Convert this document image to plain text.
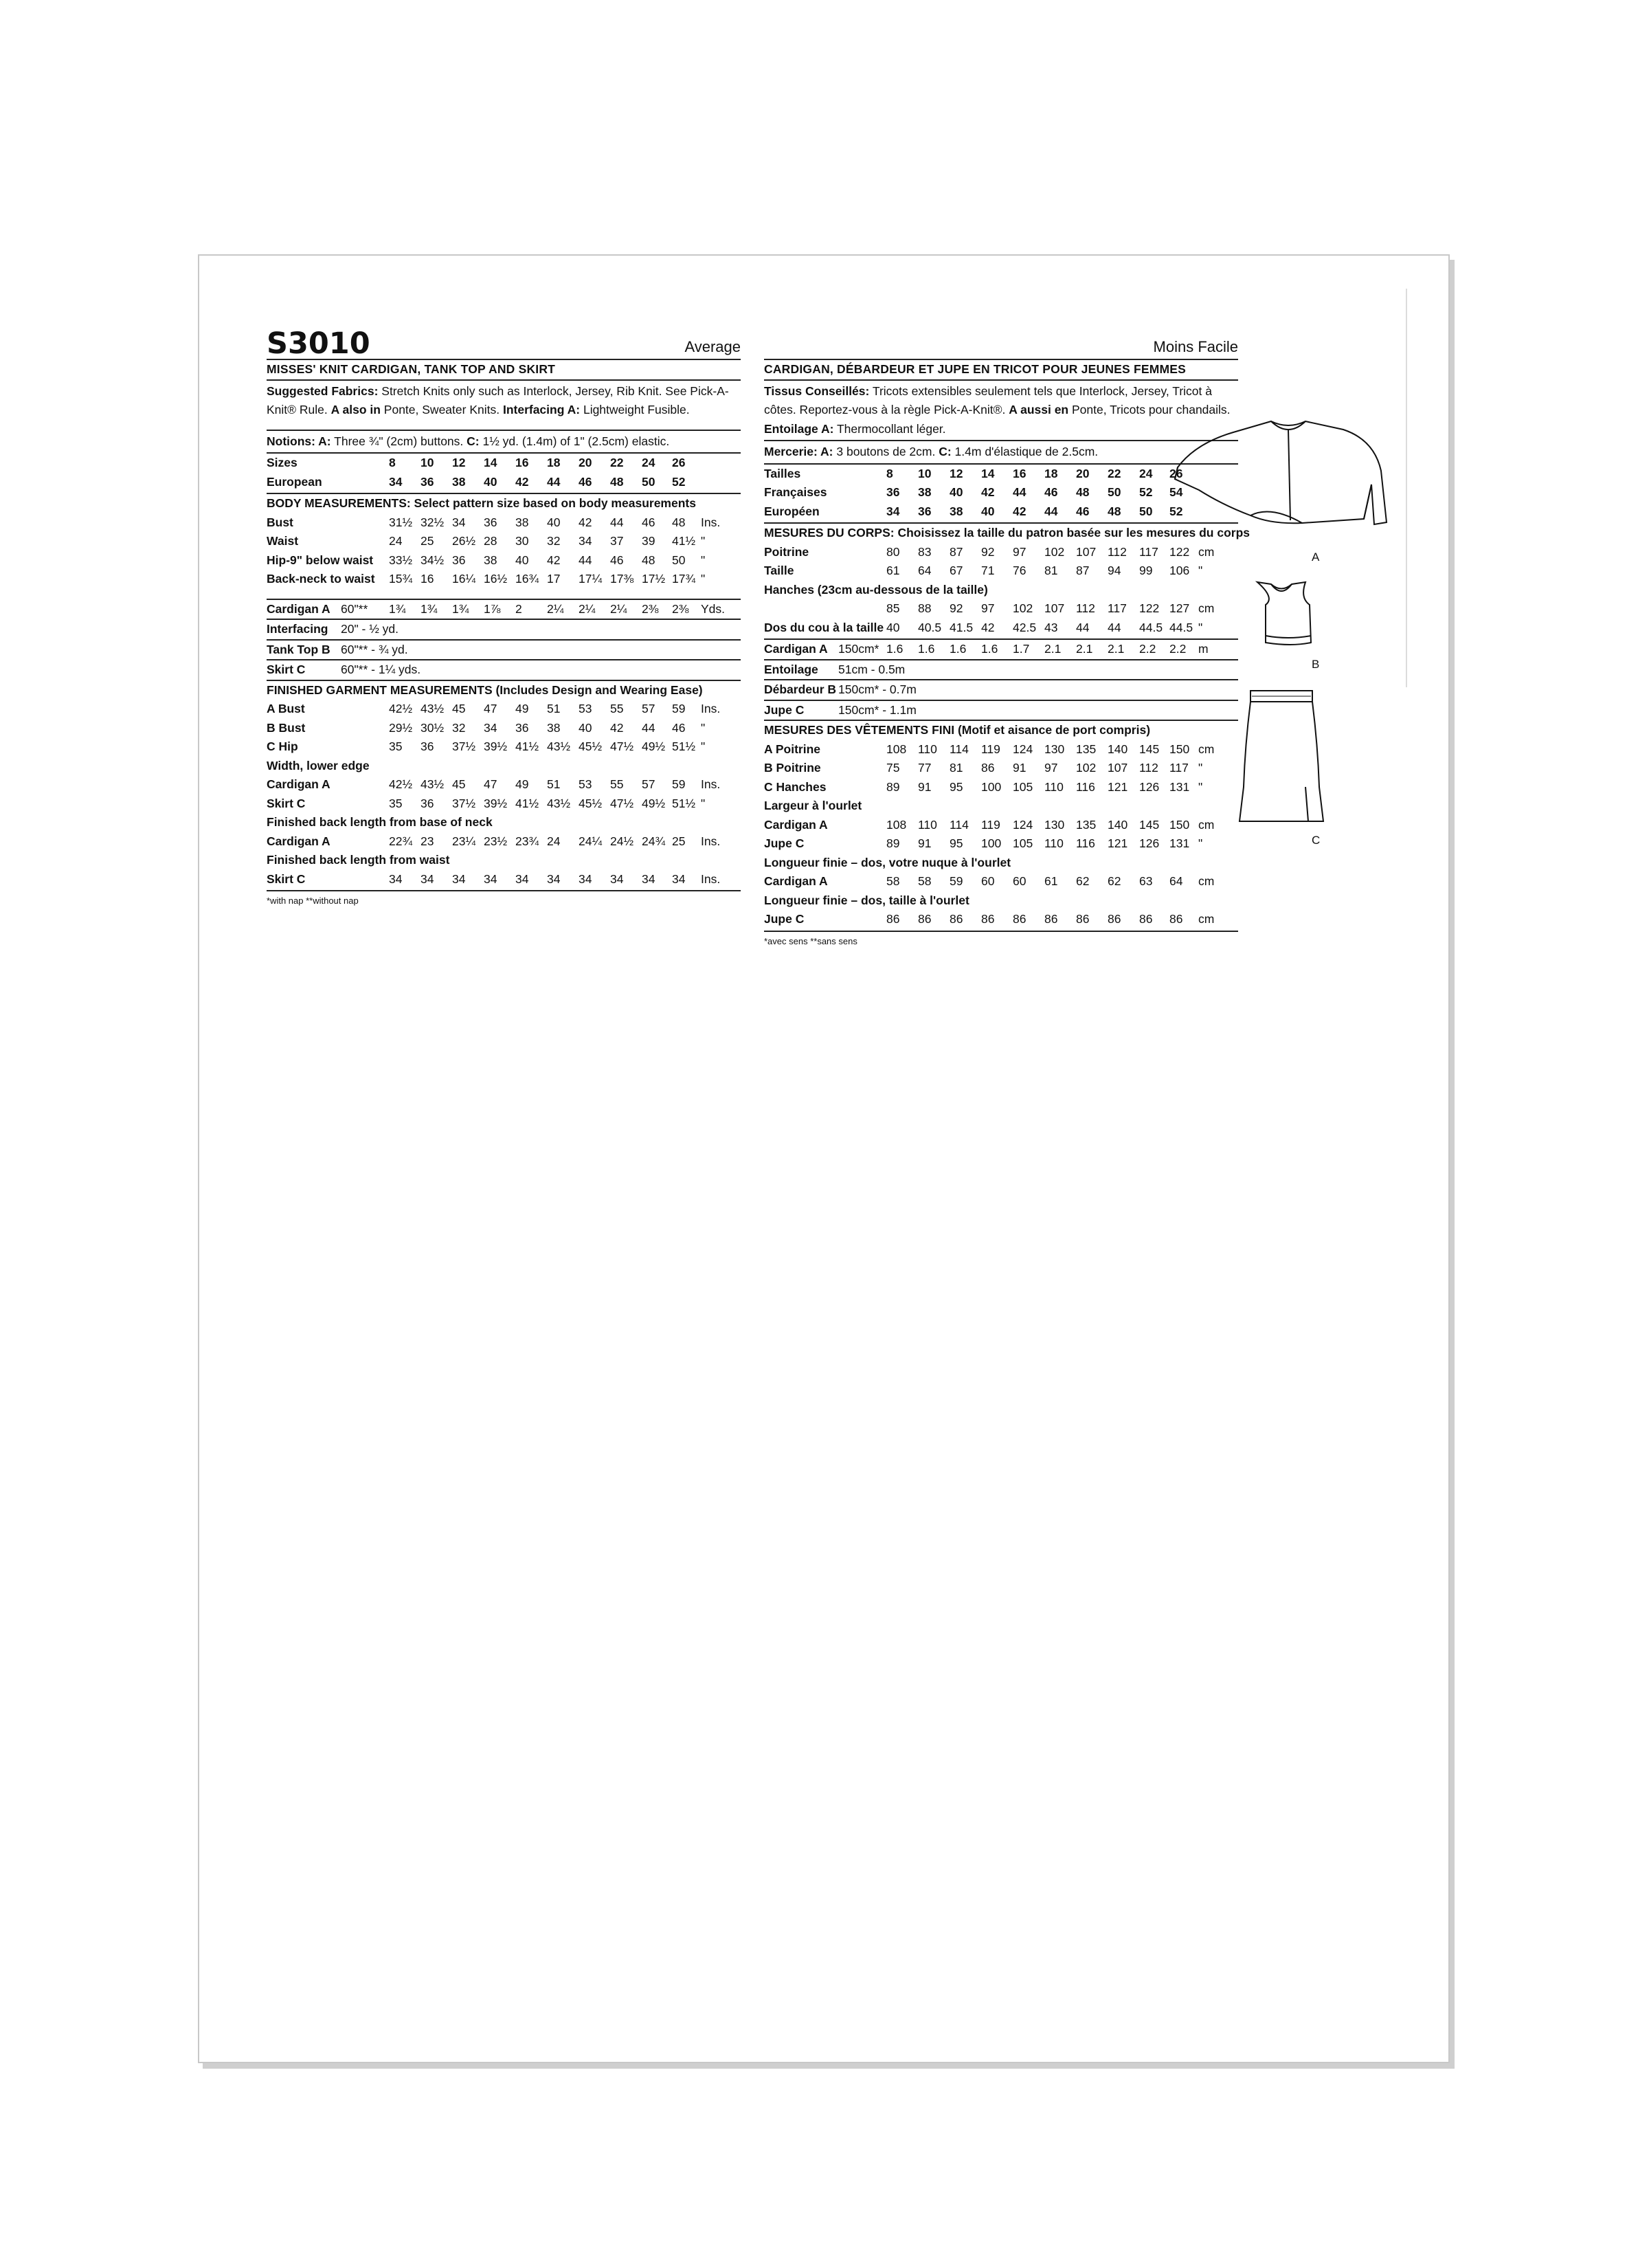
S3010	Average
MISSES' KNIT CARDIGAN, TANK TOP AND SKIRT
Suggested Fabrics: Stretch Knits only such as Interlock, Jersey, Rib Knit. See Pick-A-Knit® Rule. A also in Ponte, Sweater Knits. Interfacing A: Lightweight Fusible.
Notions: A: Three ¾" (2cm) buttons. C: 1½ yd. (1.4m) of 1" (2.5cm) elastic.
Sizes	8 10 12 14 16 18 20 22 24 26
European	34 36 38 40 42 44 46 48 50 52
BODY MEASUREMENTS: Select pattern size based on body measurements
Bust	31½ 32½ 34 36 38 40 42 44 46 48 Ins.
Waist	24 25 26½ 28 30 32 34 37 39 41½ "
Hip-9" below waist 33½ 34½ 36 38 40 42 44 46 48 50 "
Back-neck to waist 15¾ 16 16¼ 16½ 16¾ 17 17¼ 17⅜ 17½ 17¾ "
Cardigan A 60"** 1¾ 1¾ 1¾ 1⅞ 2 2¼ 2¼ 2¼ 2⅜ 2⅜ Yds.
Interfacing 20" - ½ yd.
Tank Top B 60"** - ¾ yd.
Skirt C	60"** - 1¼ yds.
FINISHED GARMENT MEASUREMENTS (Includes Design and Wearing Ease)
A Bust	42½ 43½ 45 47 49 51 53 55 57 59 Ins.
B Bust	29½ 30½ 32 34 36 38 40 42 44 46 "
C Hip	35 36 37½ 39½ 41½ 43½ 45½ 47½ 49½ 51½ "
Width, lower edge
Cardigan A	42½ 43½ 45 47 49 51 53 55 57 59 Ins.
Skirt C	35 36 37½ 39½ 41½ 43½ 45½ 47½ 49½ 51½ "
Finished back length from base of neck
Cardigan A	22¾ 23 23¼ 23½ 23¾ 24 24¼ 24½ 24¾ 25 Ins.
Finished back length from waist
Skirt C	34 34 34 34 34 34 34 34 34 34 Ins.
*with nap **without nap
Moins Facile
CARDIGAN, DÉBARDEUR ET JUPE EN TRICOT POUR JEUNES FEMMES
Tissus Conseillés: Tricots extensibles seulement tels que Interlock, Jersey, Tricot à côtes. Reportez-vous à la règle Pick-A-Knit®. A aussi en Ponte, Tricots pour chandails.
Entoilage A: Thermocollant léger.
Mercerie: A: 3 boutons de 2cm. C: 1.4m d'élastique de 2.5cm.
Tailles	8 10 12 14 16 18 20 22 24 26
Françaises	36 38 40 42 44 46 48 50 52 54
Européen	34 36 38 40 42 44 46 48 50 52
MESURES DU CORPS: Choisissez la taille du patron basée sur les mesures du corps
Poitrine	80 83 87 92 97 102 107 112 117 122 cm
Taille	61 64 67 71 76 81 87 94 99 106 "
Hanches (23cm au-dessous de la taille)
85 88 92 97 102 107 112 117 122 127 cm
Dos du cou à la taille 40 40.5 41.5 42 42.5 43 44 44 44.5 44.5 "
Cardigan A 150cm* 1.6 1.6 1.6 1.6 1.7 2.1 2.1 2.1 2.2 2.2 m
Entoilage 51cm - 0.5m
Débardeur B 150cm* - 0.7m
Jupe C	150cm* - 1.1m
MESURES DES VÊTEMENTS FINI (Motif et aisance de port compris)
A Poitrine	108 110 114 119 124 130 135 140 145 150 cm
B Poitrine	75 77 81 86 91 97 102 107 112 117 "
C Hanches	89 91 95 100 105 110 116 121 126 131 "
Largeur à l'ourlet
Cardigan A	108 110 114 119 124 130 135 140 145 150 cm
Jupe C	89 91 95 100 105 110 116 121 126 131 "
Longueur finie – dos, votre nuque à l'ourlet
Cardigan A	58 58 59 60 60 61 62 62 63 64 cm
Longueur finie – dos, taille à l'ourlet
Jupe C	86 86 86 86 86 86 86 86 86 86 cm
*avec sens **sans sens
A
B
C
